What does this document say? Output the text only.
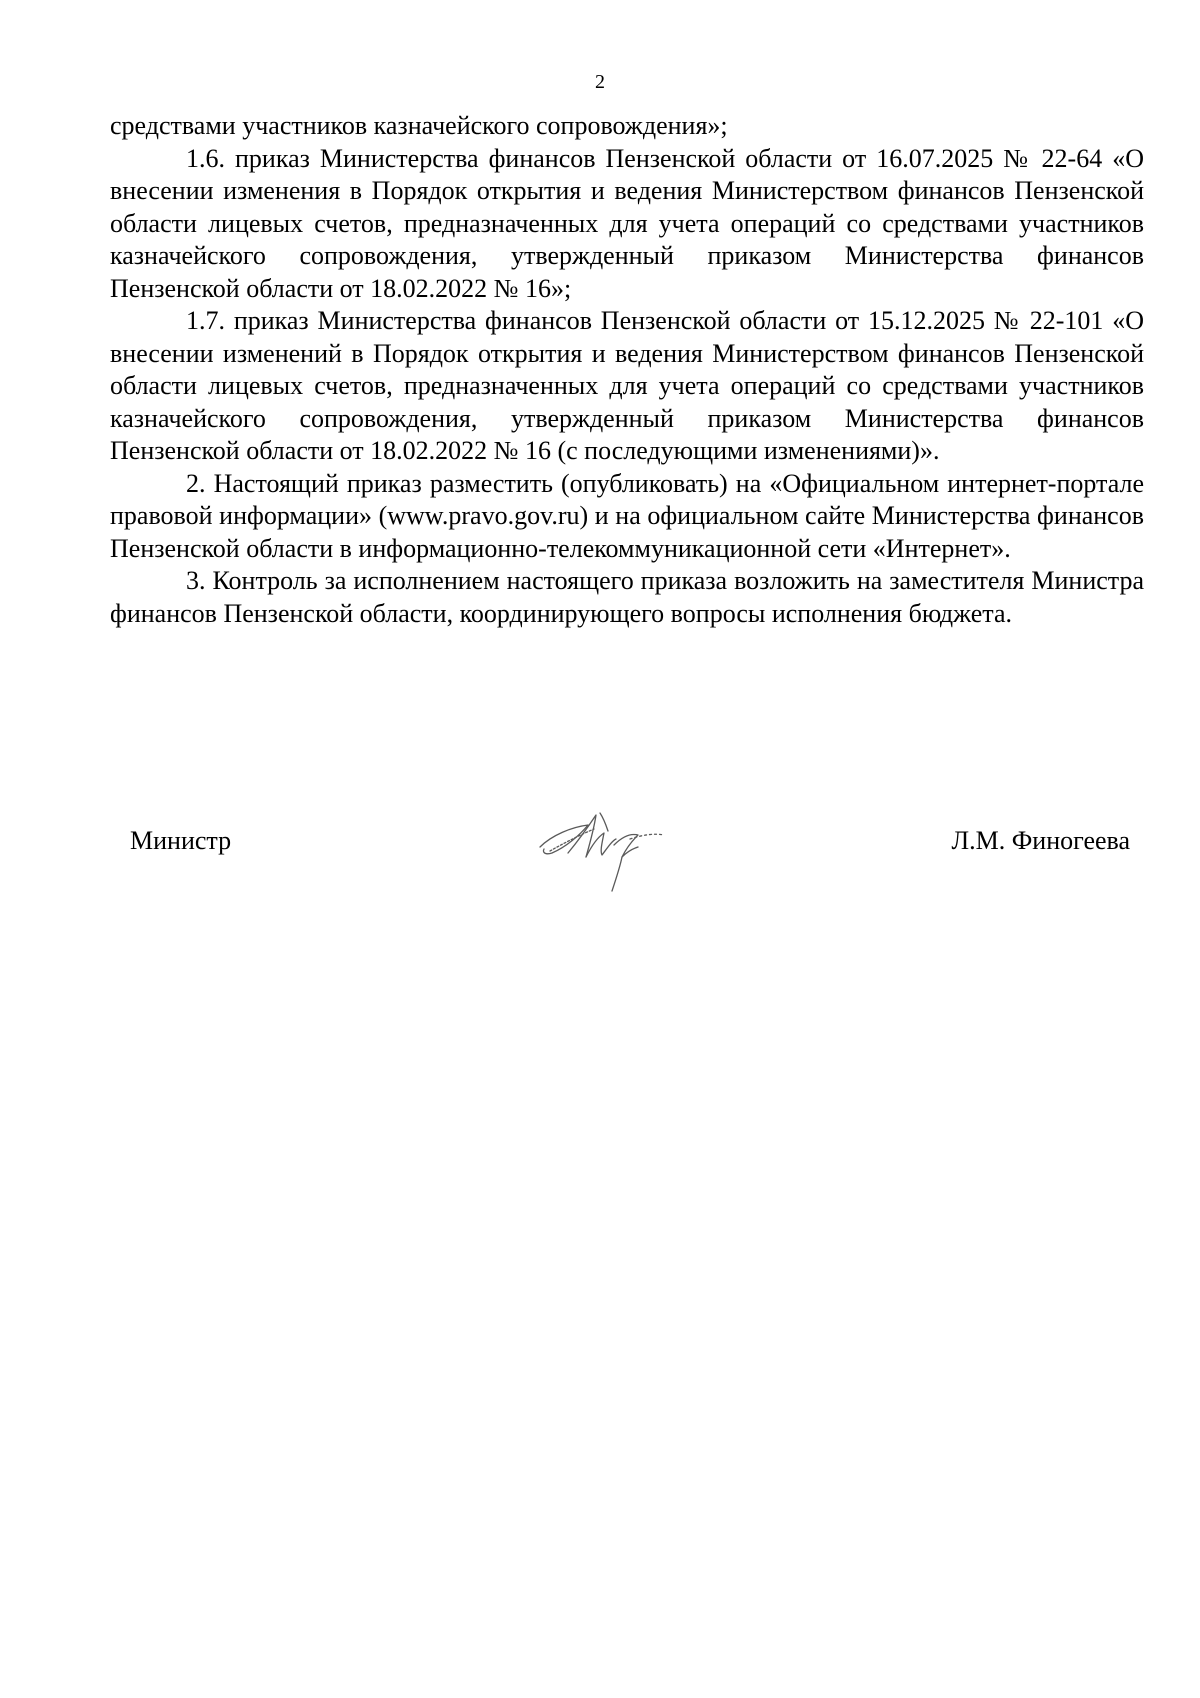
2

средствами участников казначейского сопровождения»;

1.6. приказ Министерства финансов Пензенской области от 16.07.2025 № 22-64 «О внесении изменения в Порядок открытия и ведения Министерством финансов Пензенской области лицевых счетов, предназначенных для учета операций со средствами участников казначейского сопровождения, утвержденный приказом Министерства финансов Пензенской области от 18.02.2022 № 16»;

1.7. приказ Министерства финансов Пензенской области от 15.12.2025 № 22-101 «О внесении изменений в Порядок открытия и ведения Министерством финансов Пензенской области лицевых счетов, предназначенных для учета операций со средствами участников казначейского сопровождения, утвержденный приказом Министерства финансов Пензенской области от 18.02.2022 № 16 (с последующими изменениями)».

2. Настоящий приказ разместить (опубликовать) на «Официальном интернет-портале правовой информации» (www.pravo.gov.ru) и на официальном сайте Министерства финансов Пензенской области в информационно-телекоммуникационной сети «Интернет».

3. Контроль за исполнением настоящего приказа возложить на заместителя Министра финансов Пензенской области, координирующего вопросы исполнения бюджета.

Министр	Л.М. Финогеева
